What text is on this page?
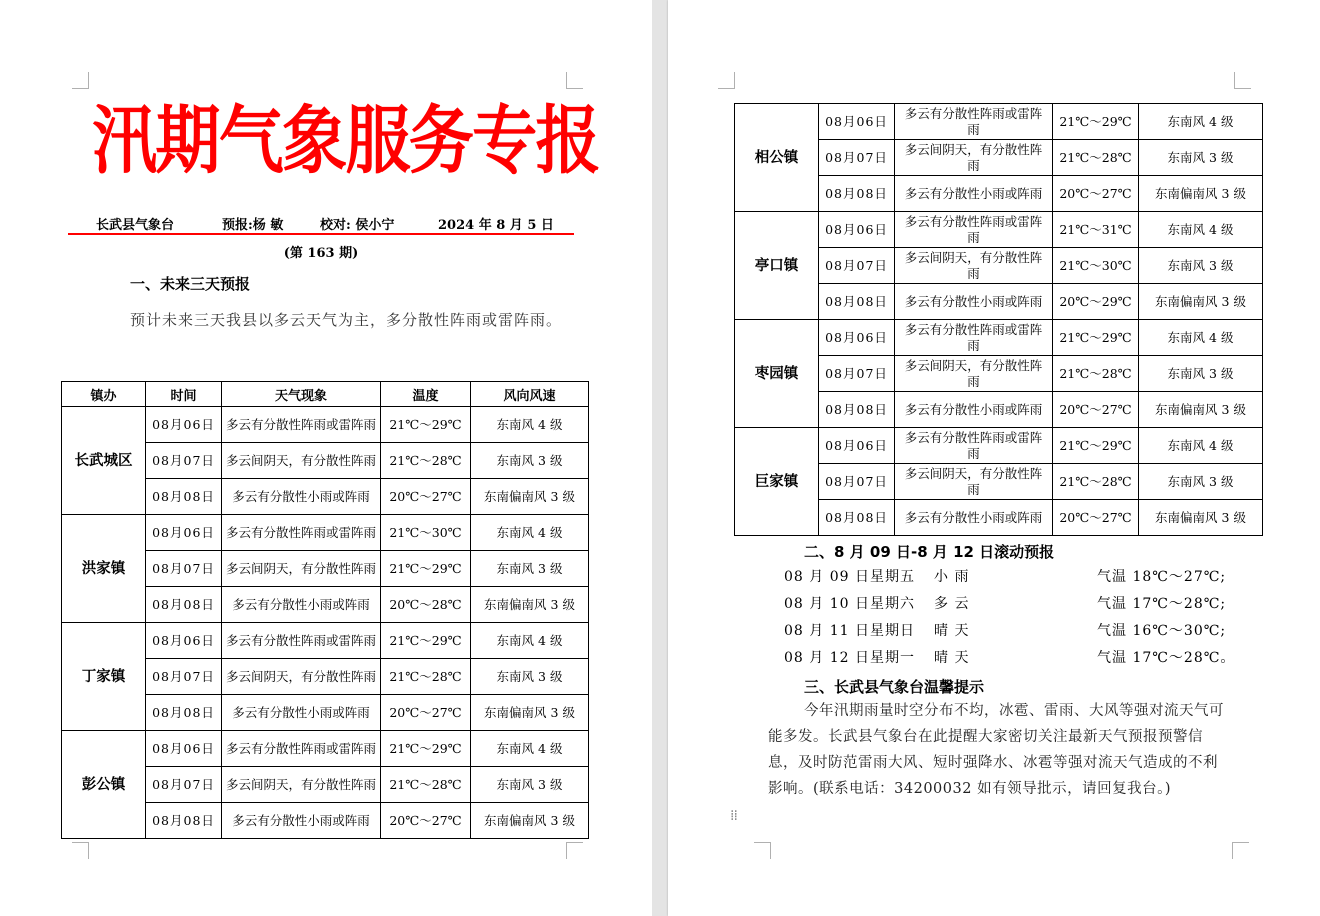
汛期气象服务专报
长武县气象台	预报:杨 敏	校对: 侯小宁	2024 年 8 月 5 日
(第 163 期)
一、未来三天预报
预计未来三天我县以多云天气为主，多分散性阵雨或雷阵雨。
镇办	时间	天气现象	温度	风向风速
长武城区	08月06日	多云有分散性阵雨或雷阵雨	21℃～29℃	东南风 4 级
	08月07日	多云间阴天，有分散性阵雨	21℃～28℃	东南风 3 级
	08月08日	多云有分散性小雨或阵雨	20℃～27℃	东南偏南风 3 级
洪家镇	08月06日	多云有分散性阵雨或雷阵雨	21℃～30℃	东南风 4 级
	08月07日	多云间阴天，有分散性阵雨	21℃～29℃	东南风 3 级
	08月08日	多云有分散性小雨或阵雨	20℃～28℃	东南偏南风 3 级
丁家镇	08月06日	多云有分散性阵雨或雷阵雨	21℃～29℃	东南风 4 级
	08月07日	多云间阴天，有分散性阵雨	21℃～28℃	东南风 3 级
	08月08日	多云有分散性小雨或阵雨	20℃～27℃	东南偏南风 3 级
彭公镇	08月06日	多云有分散性阵雨或雷阵雨	21℃～29℃	东南风 4 级
	08月07日	多云间阴天，有分散性阵雨	21℃～28℃	东南风 3 级
	08月08日	多云有分散性小雨或阵雨	20℃～27℃	东南偏南风 3 级
相公镇	08月06日	多云有分散性阵雨或雷阵雨	21℃～29℃	东南风 4 级
	08月07日	多云间阴天，有分散性阵雨	21℃～28℃	东南风 3 级
	08月08日	多云有分散性小雨或阵雨	20℃～27℃	东南偏南风 3 级
亭口镇	08月06日	多云有分散性阵雨或雷阵雨	21℃～31℃	东南风 4 级
	08月07日	多云间阴天，有分散性阵雨	21℃～30℃	东南风 3 级
	08月08日	多云有分散性小雨或阵雨	20℃～29℃	东南偏南风 3 级
枣园镇	08月06日	多云有分散性阵雨或雷阵雨	21℃～29℃	东南风 4 级
	08月07日	多云间阴天，有分散性阵雨	21℃～28℃	东南风 3 级
	08月08日	多云有分散性小雨或阵雨	20℃～27℃	东南偏南风 3 级
巨家镇	08月06日	多云有分散性阵雨或雷阵雨	21℃～29℃	东南风 4 级
	08月07日	多云间阴天，有分散性阵雨	21℃～28℃	东南风 3 级
	08月08日	多云有分散性小雨或阵雨	20℃～27℃	东南偏南风 3 级
二、8 月 09 日-8 月 12 日滚动预报
08 月 09 日星期五 小 雨	气温 18℃～27℃;
08 月 10 日星期六 多 云	气温 17℃～28℃;
08 月 11 日星期日 晴 天	气温 16℃～30℃;
08 月 12 日星期一 晴 天	气温 17℃～28℃。
三、长武县气象台温馨提示
今年汛期雨量时空分布不均，冰雹、雷雨、大风等强对流天气可能多发。长武县气象台在此提醒大家密切关注最新天气预报预警信息，及时防范雷雨大风、短时强降水、冰雹等强对流天气造成的不利影响。(联系电话：34200032 如有领导批示，请回复我台。)
⁞⁞
